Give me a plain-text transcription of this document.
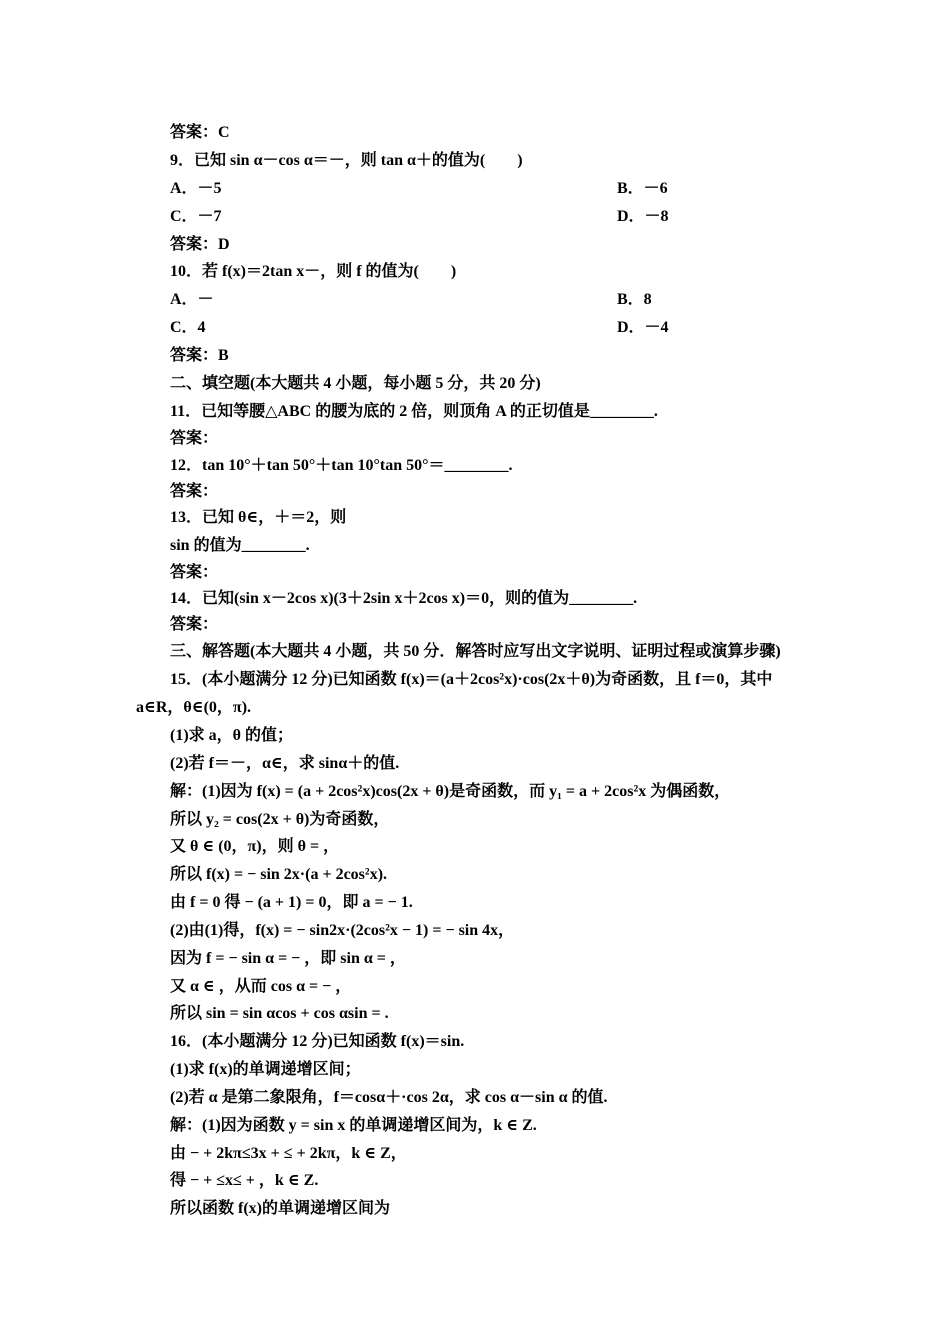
答案：C
9．已知 sin α－cos α＝－，则 tan α＋的值为(　　)
A．－5	B．－6
C．－7	D．－8
答案：D
10．若 f(x)＝2tan x－，则 f 的值为(　　)
A．－	B．8
C．4	D．－4
答案：B
二、填空题(本大题共 4 小题，每小题 5 分，共 20 分)
11．已知等腰△ABC 的腰为底的 2 倍，则顶角 A 的正切值是________.
答案：
12．tan 10°＋tan 50°＋tan 10°tan 50°＝________.
答案：
13．已知 θ∈，＋＝2，则
sin 的值为________.
答案：
14．已知(sin x－2cos x)(3＋2sin x＋2cos x)＝0，则的值为________.
答案：
三、解答题(本大题共 4 小题，共 50 分．解答时应写出文字说明、证明过程或演算步骤)
15．(本小题满分 12 分)已知函数 f(x)＝(a＋2cos²x)·cos(2x＋θ)为奇函数，且 f＝0，其中
a∈R，θ∈(0，π).
(1)求 a，θ 的值；
(2)若 f＝－，α∈，求 sinα＋的值.
解：(1)因为 f(x) = (a + 2cos²x)cos(2x + θ)是奇函数，而 y₁ = a + 2cos²x 为偶函数，
所以 y₂ = cos(2x + θ)为奇函数，
又 θ ∈ (0，π)，则 θ = ，
所以 f(x) = − sin 2x·(a + 2cos²x).
由 f = 0 得 − (a + 1) = 0，即 a = − 1.
(2)由(1)得，f(x) = − sin2x·(2cos²x − 1) = − sin 4x，
因为 f = − sin α = − ，即 sin α = ，
又 α ∈ ，从而 cos α = − ，
所以 sin = sin αcos + cos αsin = .
16．(本小题满分 12 分)已知函数 f(x)＝sin.
(1)求 f(x)的单调递增区间；
(2)若 α 是第二象限角，f＝cosα＋·cos 2α，求 cos α－sin α 的值.
解：(1)因为函数 y = sin x 的单调递增区间为，k ∈ Z.
由 − + 2kπ≤3x + ≤ + 2kπ，k ∈ Z，
得 − + ≤x≤ + ，k ∈ Z.
所以函数 f(x)的单调递增区间为
